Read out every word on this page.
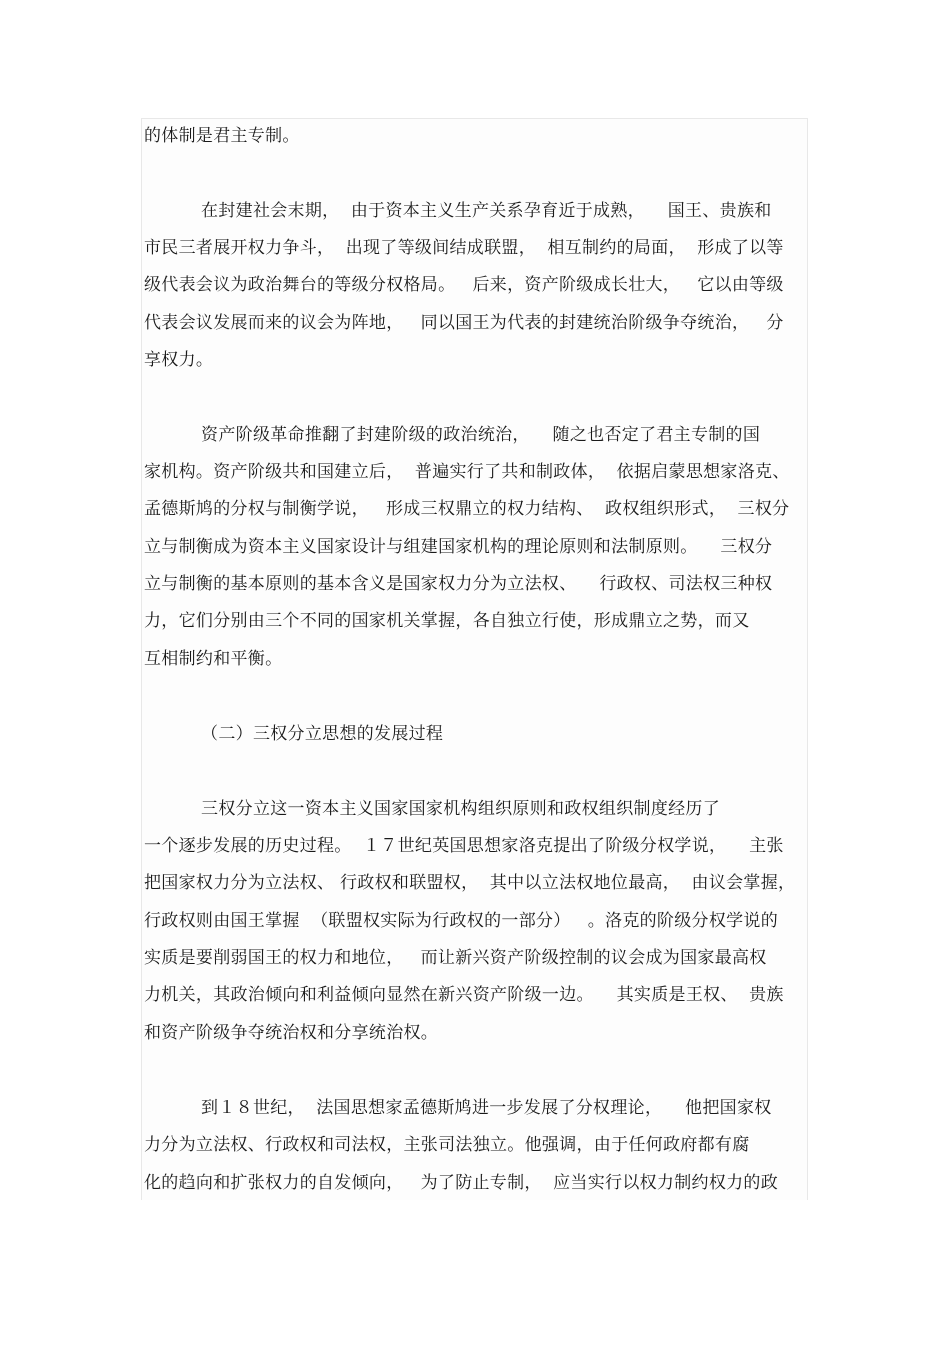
的体制是君主专制。
在封建社会末期，  由于资本主义生产关系孕育近于成熟，    国王、贵族和
市民三者展开权力争斗，  出现了等级间结成联盟，  相互制约的局面，  形成了以等
级代表会议为政治舞台的等级分权格局。   后来，资产阶级成长壮大，   它以由等级
代表会议发展而来的议会为阵地，   同以国王为代表的封建统治阶级争夺统治，   分
享权力。
资产阶级革命推翻了封建阶级的政治统治，    随之也否定了君主专制的国
家机构。资产阶级共和国建立后，  普遍实行了共和制政体，  依据启蒙思想家洛克、
孟德斯鸠的分权与制衡学说，   形成三权鼎立的权力结构、  政权组织形式，  三权分
立与制衡成为资本主义国家设计与组建国家机构的理论原则和法制原则。    三权分
立与制衡的基本原则的基本含义是国家权力分为立法权、    行政权、司法权三种权
力，它们分别由三个不同的国家机关掌握，各自独立行使，形成鼎立之势，而又
互相制约和平衡。
（二）三权分立思想的发展过程
三权分立这一资本主义国家国家机构组织原则和政权组织制度经历了
一个逐步发展的历史过程。  １７世纪英国思想家洛克提出了阶级分权学说，    主张
把国家权力分为立法权、 行政权和联盟权，  其中以立法权地位最高，  由议会掌握，
行政权则由国王掌握  （联盟权实际为行政权的一部分）   。洛克的阶级分权学说的
实质是要削弱国王的权力和地位，   而让新兴资产阶级控制的议会成为国家最高权
力机关，其政治倾向和利益倾向显然在新兴资产阶级一边。    其实质是王权、  贵族
和资产阶级争夺统治权和分享统治权。
到１８世纪，  法国思想家孟德斯鸠进一步发展了分权理论，    他把国家权
力分为立法权、行政权和司法权，主张司法独立。他强调，由于任何政府都有腐
化的趋向和扩张权力的自发倾向，   为了防止专制，  应当实行以权力制约权力的政
